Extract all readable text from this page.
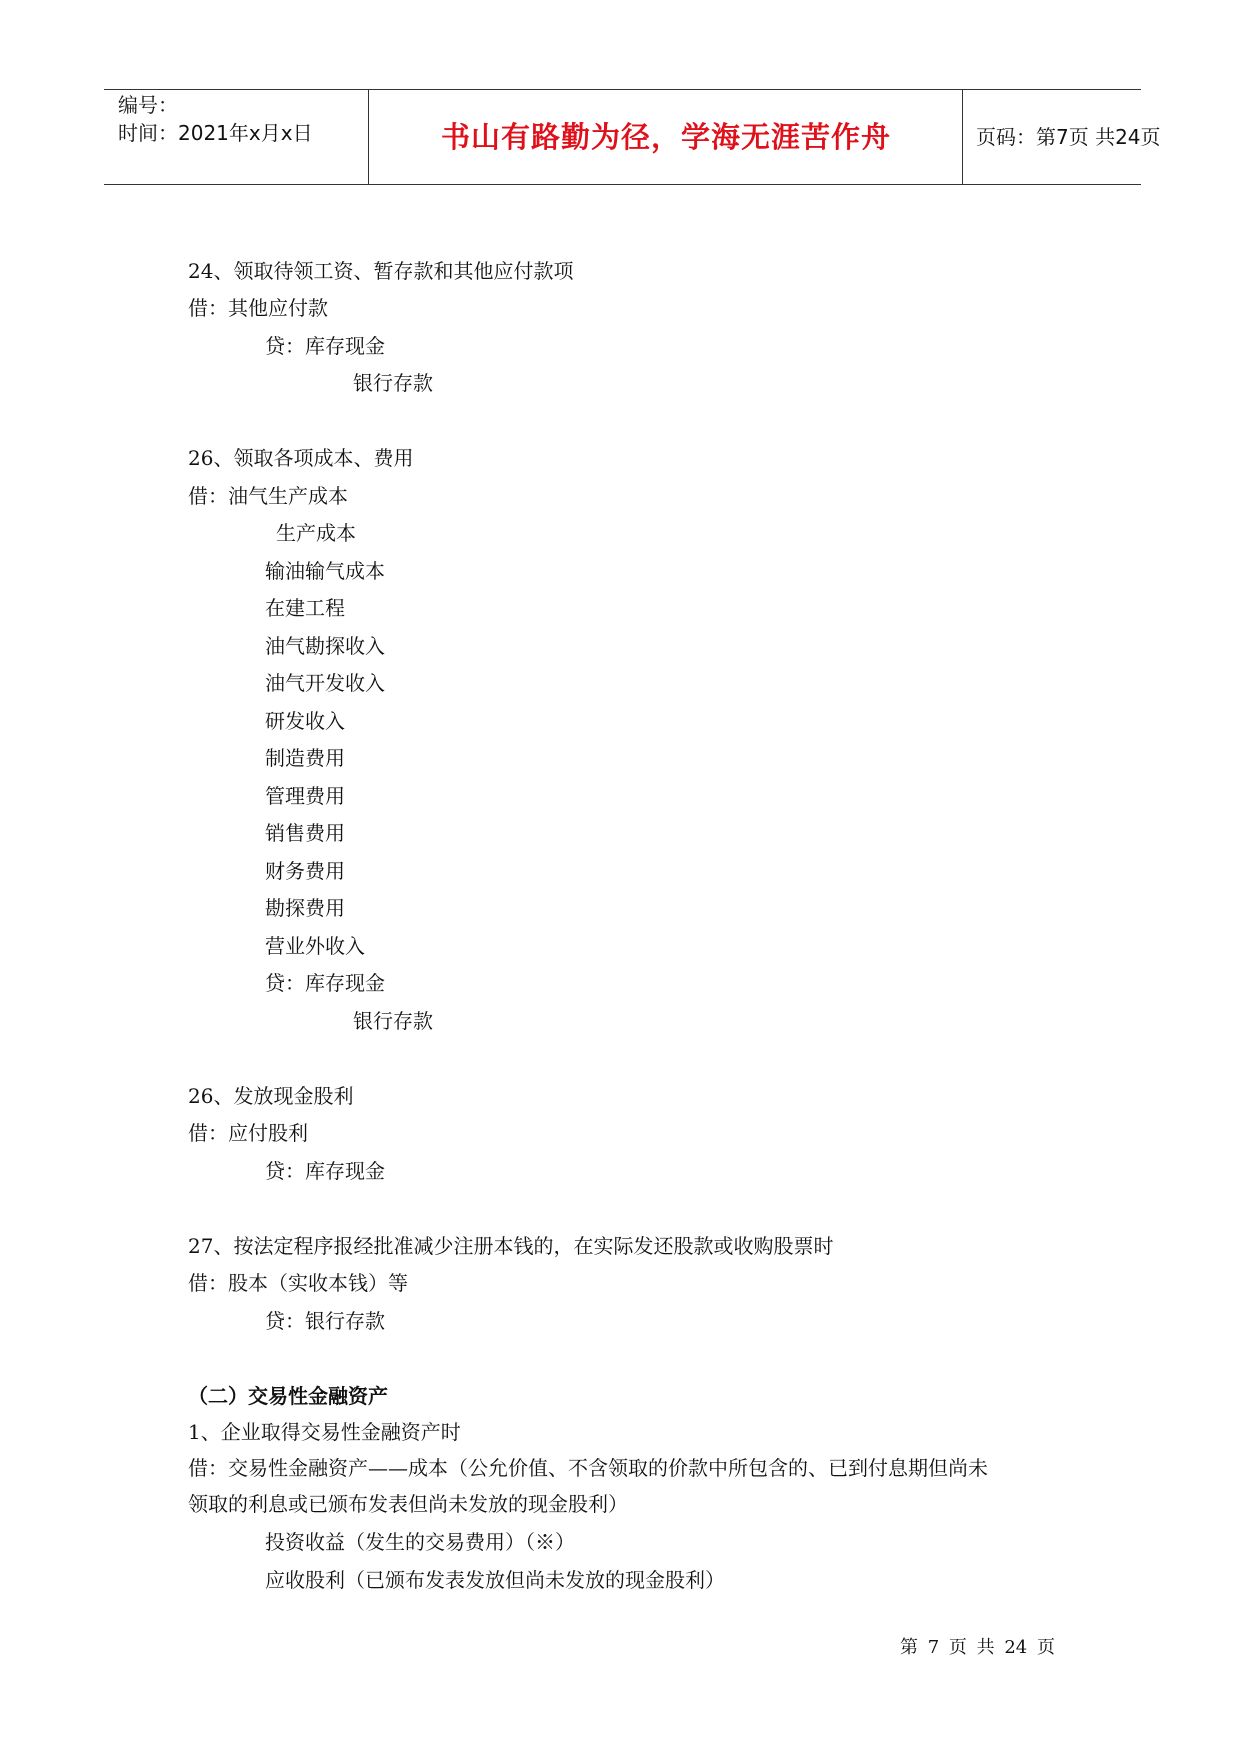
编号：
时间：2021年x月x日	书山有路勤为径，学海无涯苦作舟	页码：第7页 共24页
24、领取待领工资、暂存款和其他应付款项
借：其他应付款
贷：库存现金
银行存款
26、领取各项成本、费用
借：油气生产成本
生产成本
输油输气成本
在建工程
油气勘探收入
油气开发收入
研发收入
制造费用
管理费用
销售费用
财务费用
勘探费用
营业外收入
贷：库存现金
银行存款
26、发放现金股利
借：应付股利
贷：库存现金
27、按法定程序报经批准减少注册本钱的，在实际发还股款或收购股票时
借：股本（实收本钱）等
贷：银行存款
（二）交易性金融资产
1、企业取得交易性金融资产时
借：交易性金融资产——成本（公允价值、不含领取的价款中所包含的、已到付息期但尚未
领取的利息或已颁布发表但尚未发放的现金股利）
投资收益（发生的交易费用）（※）
应收股利（已颁布发表发放但尚未发放的现金股利）
第 7 页 共 24 页
